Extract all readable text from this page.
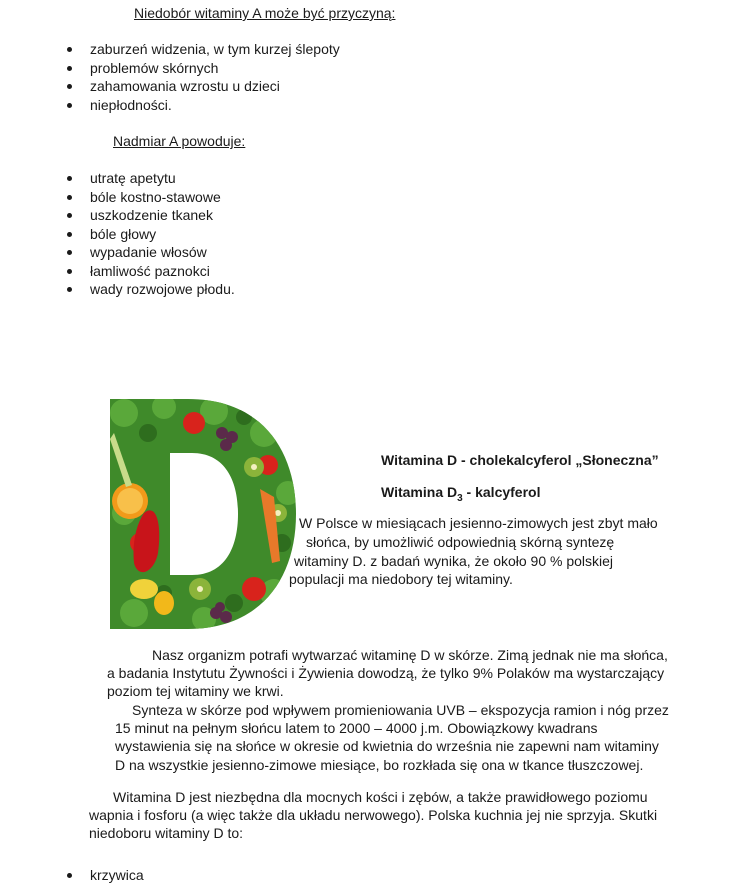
Niedobór witaminy A może być przyczyną:
zaburzeń widzenia, w tym kurzej ślepoty
problemów skórnych
zahamowania wzrostu u dzieci
niepłodności.
Nadmiar A powoduje:
utratę apetytu
bóle kostno-stawowe
uszkodzenie tkanek
bóle głowy
wypadanie włosów
łamliwość paznokci
wady rozwojowe płodu.
Witamina D - cholekalcyferol „Słoneczna”
Witamina $D_3$ - kalcyferol
W Polsce w miesiącach jesienno-zimowych jest zbyt mało
słońca, by umożliwić odpowiednią skórną syntezę
witaminy D. z badań wynika, że około 90 % polskiej
populacji ma niedobory tej witaminy.
Nasz organizm potrafi wytwarzać witaminę D w skórze. Zimą jednak nie ma słońca,
a badania Instytutu Żywności i Żywienia dowodzą, że tylko 9% Polaków ma wystarczający
poziom tej witaminy we krwi.
Synteza w skórze pod wpływem promieniowania UVB – ekspozycja ramion i nóg przez
15 minut na pełnym słońcu latem to 2000 – 4000 j.m. Obowiązkowy kwadrans
wystawienia się na słońce w okresie od kwietnia do września nie zapewni nam witaminy
D na wszystkie jesienno-zimowe miesiące, bo rozkłada się ona w tkance tłuszczowej.
Witamina D jest niezbędna dla mocnych kości i zębów, a także prawidłowego poziomu
wapnia i fosforu (a więc także dla układu nerwowego). Polska kuchnia jej nie sprzyja. Skutki
niedoboru witaminy D to:
krzywica
